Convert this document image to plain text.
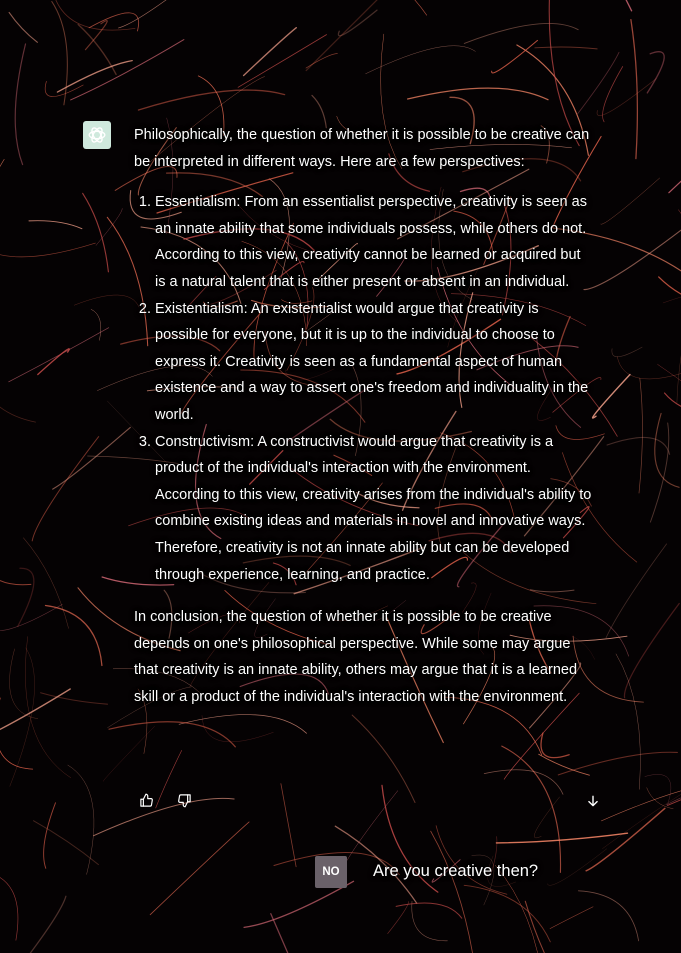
Philosophically, the question of whether it is possible to be creative can be interpreted in different ways. Here are a few perspectives:

1. Essentialism: From an essentialist perspective, creativity is seen as an innate ability that some individuals possess, while others do not. According to this view, creativity cannot be learned or acquired but is a natural talent that is either present or absent in an individual.
2. Existentialism: An existentialist would argue that creativity is possible for everyone, but it is up to the individual to choose to express it. Creativity is seen as a fundamental aspect of human existence and a way to assert one's freedom and individuality in the world.
3. Constructivism: A constructivist would argue that creativity is a product of the individual's interaction with the environment. According to this view, creativity arises from the individual's ability to combine existing ideas and materials in novel and innovative ways. Therefore, creativity is not an innate ability but can be developed through experience, learning, and practice.

In conclusion, the question of whether it is possible to be creative depends on one's philosophical perspective. While some may argue that creativity is an innate ability, others may argue that it is a learned skill or a product of the individual's interaction with the environment.

NO Are you creative then?
